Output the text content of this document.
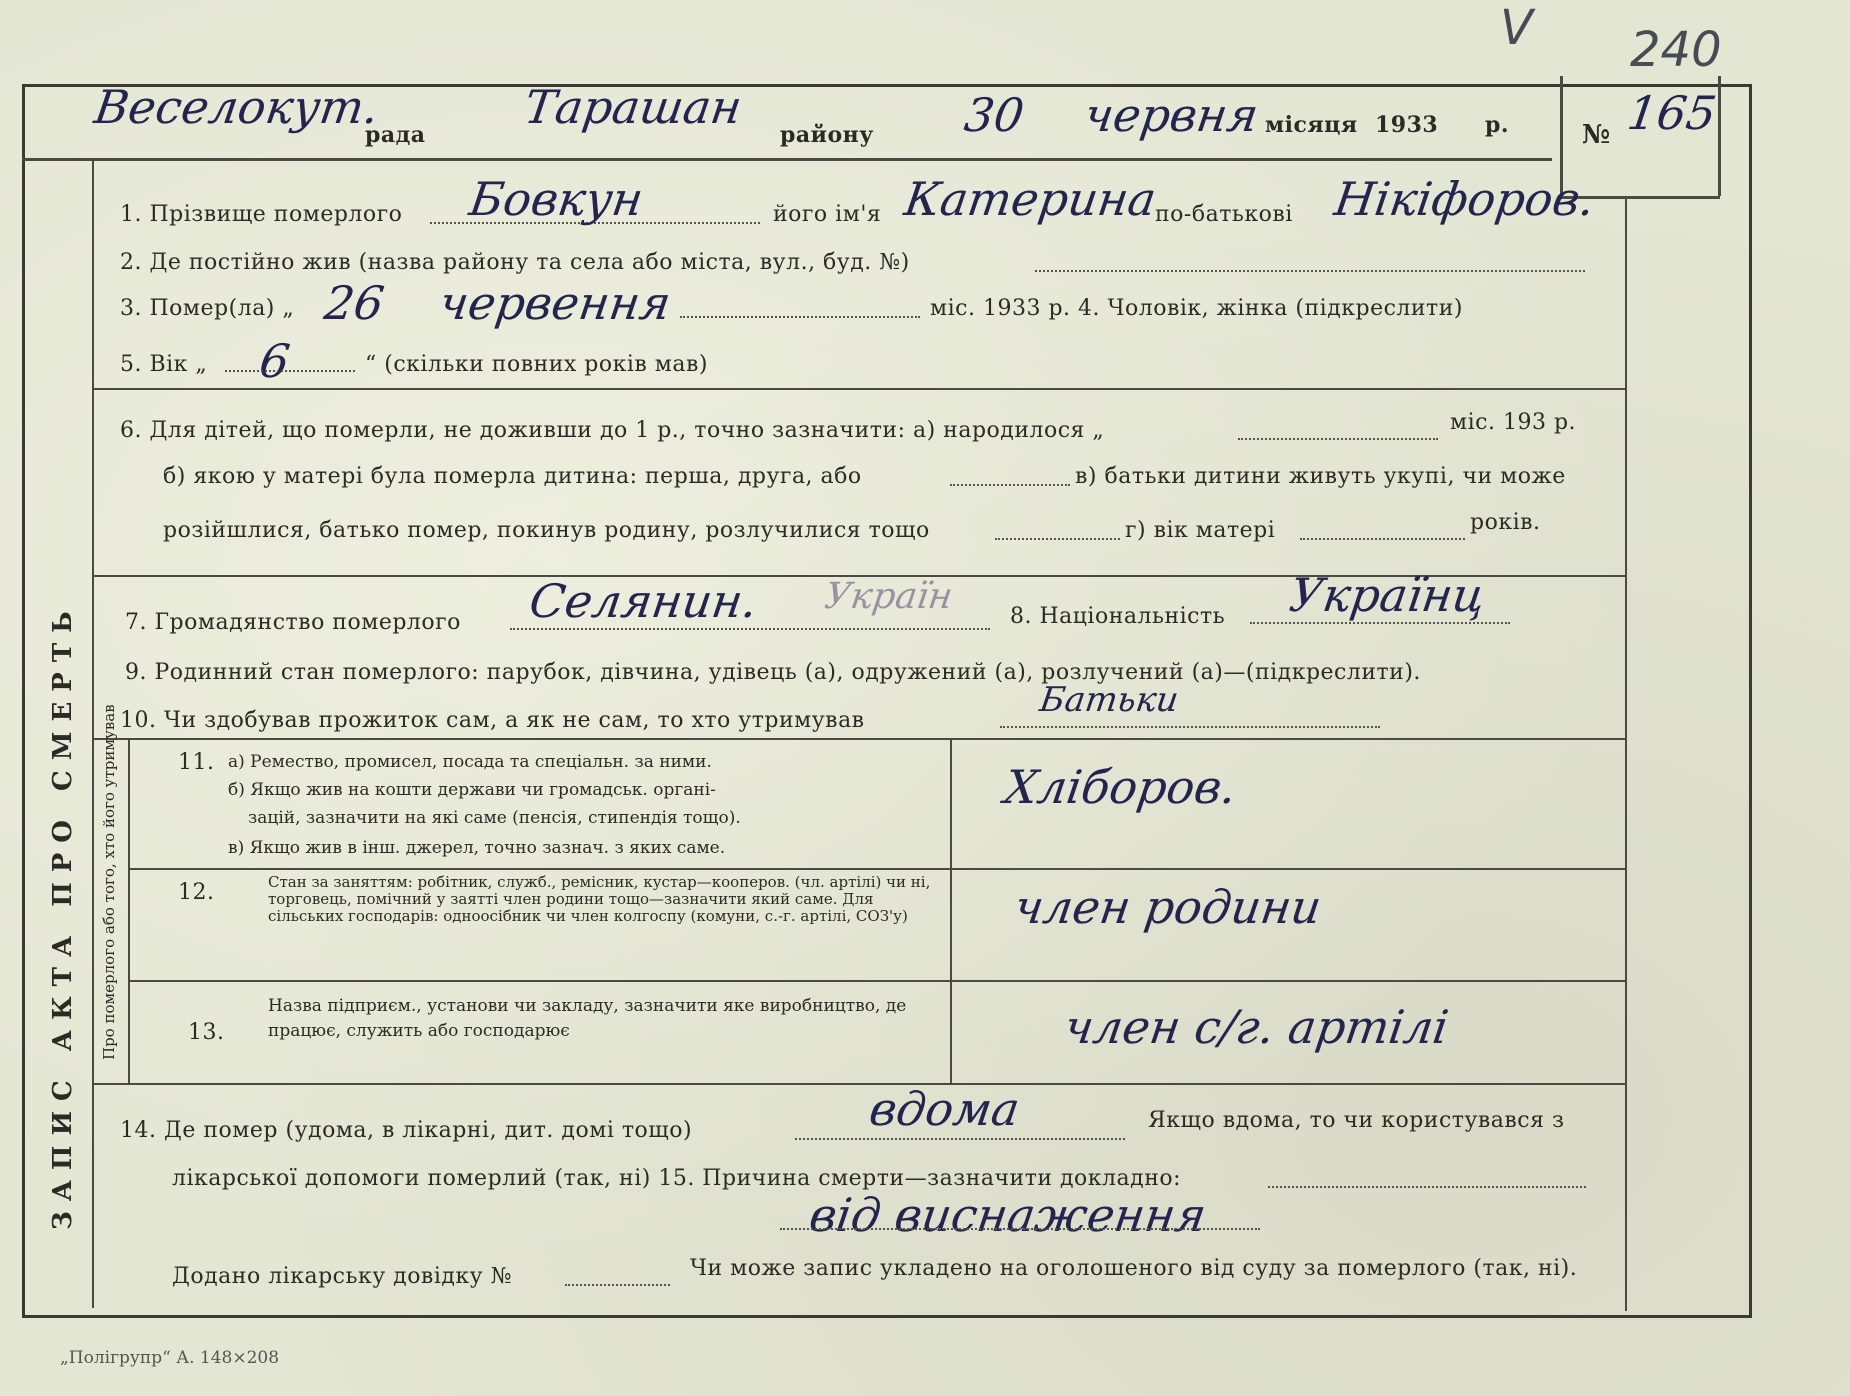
V 240
Веселокут.
рада
Тарашан
району 30 червня місяця 1933 р.	№ 165
ЗАПИС АКТА ПРО СМЕРТЬ
1. Прізвище померлого Бовкун	його ім'я Катерина
по-батькові Нікіфоров.
2. Де постійно жив (назва району та села або міста, вул., буд. №)
3. Помер(ла) „ 26 червення	міс. 1933 р. 4. Чоловік, жінка (підкреслити)
5. Вік „ 6	“ (скільки повних років мав)
6. Для дітей, що померли, не доживши до 1 р., точно зазначити: а) народилося „	міс. 193 р.
б) якою у матері була померла дитина: перша, друга, або	в) батьки дитини живуть укупі, чи може
розійшлися, батько помер, покинув родину, розлучилися тощо	г) вік матері	років.
7. Громадянство померлого Селянин. Україн 8. Національність Українц
9. Родинний стан померлого: парубок, дівчина, удівець (а), одружений (а), розлучений (а)—(підкреслити).
10. Чи здобував прожиток сам, а як не сам, то хто утримував
Батьки
Про померлого або того, хто його утримував	11. а) Ремество, промисел, посада та спеціальн. за ними.
б) Якщо жив на кошти держави чи громадськ. органі-
зацій, зазначити на які саме (пенсія, стипендія тощо).
в) Якщо жив в інш. джерел, точно зазнач. з яких саме.
Хліборов.
12.	Стан за заняттям: робітник, служб., ремісник, кустар—кооперов. (чл. артілі) чи ні, торговець, помічний у заятті член родини тощо—зазначити який саме. Для сільських господарів: одноосібник чи член колгоспу (комуни, с.-г. артілі, СОЗ'у)	член родини
13.
Назва підприєм., установи чи закладу, зазначити яке виробництво, де працює, служить або господарює	член с/г. артілі
14. Де помер (удома, в лікарні, дит. домі тощо)	вдома	Якщо вдома, то чи користувався з
лікарської допомоги померлий (так, ні) 15. Причина смерти—зазначити докладно:
від виснаження
Додано лікарську довідку №	Чи може запис укладено на оголошеного від суду за померлого (так, ні).
„Полігрупр“ А. 148×208
